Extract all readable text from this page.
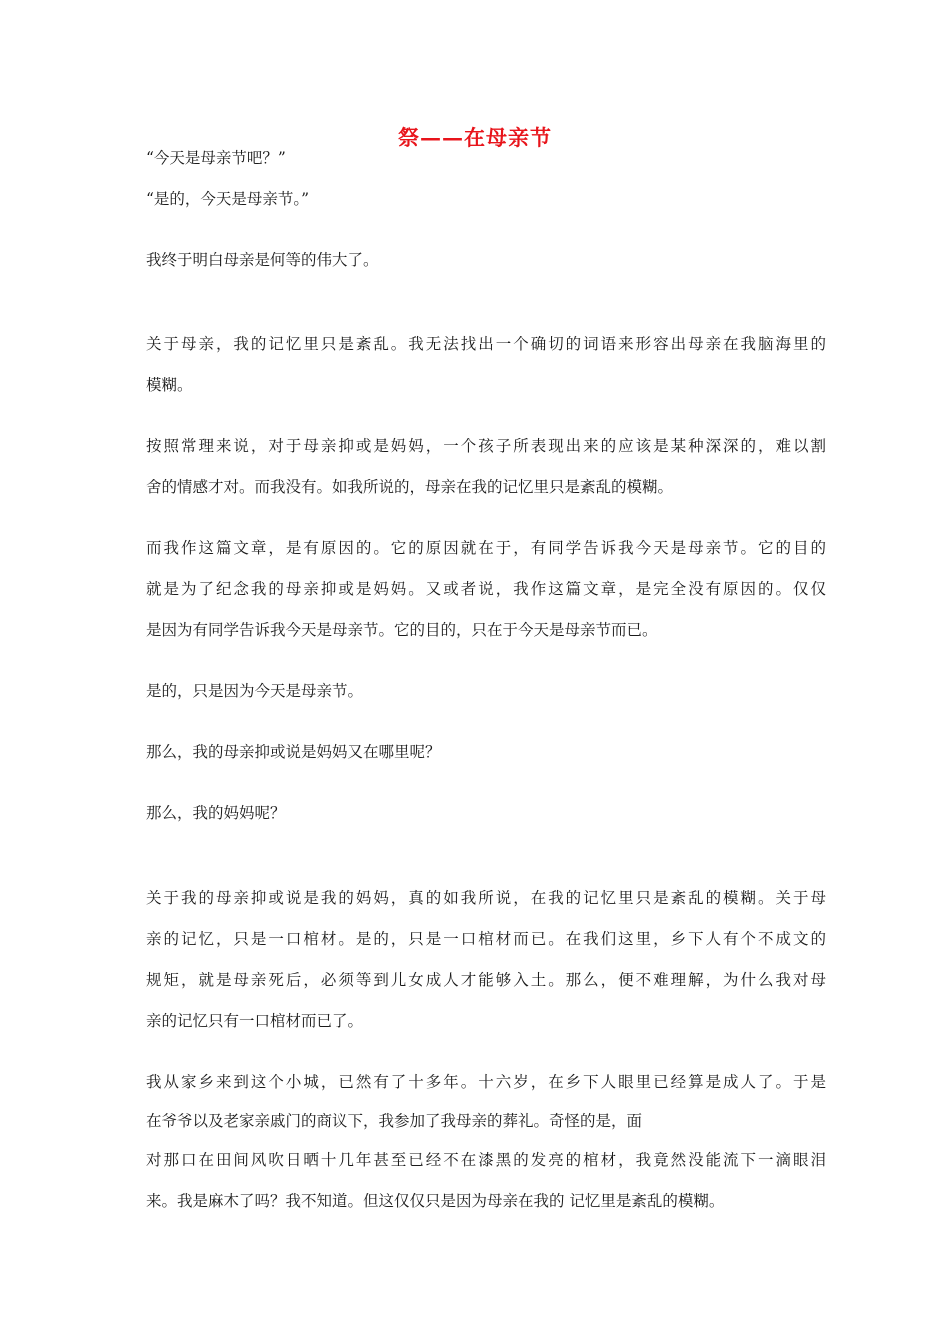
祭——在母亲节
“今天是母亲节吧？”
“是的，今天是母亲节。”
我终于明白母亲是何等的伟大了。
关于母亲，我的记忆里只是紊乱。我无法找出一个确切的词语来形容出母亲在我脑海里的
模糊。
按照常理来说，对于母亲抑或是妈妈，一个孩子所表现出来的应该是某种深深的，难以割
舍的情感才对。而我没有。如我所说的，母亲在我的记忆里只是紊乱的模糊。
而我作这篇文章，是有原因的。它的原因就在于，有同学告诉我今天是母亲节。它的目的
就是为了纪念我的母亲抑或是妈妈。又或者说，我作这篇文章，是完全没有原因的。仅仅
是因为有同学告诉我今天是母亲节。它的目的，只在于今天是母亲节而已。
是的，只是因为今天是母亲节。
那么，我的母亲抑或说是妈妈又在哪里呢？
那么，我的妈妈呢？
关于我的母亲抑或说是我的妈妈，真的如我所说，在我的记忆里只是紊乱的模糊。关于母
亲的记忆，只是一口棺材。是的，只是一口棺材而已。在我们这里，乡下人有个不成文的
规矩，就是母亲死后，必须等到儿女成人才能够入土。那么，便不难理解，为什么我对母
亲的记忆只有一口棺材而已了。
我从家乡来到这个小城，已然有了十多年。十六岁，在乡下人眼里已经算是成人了。于是
在爷爷以及老家亲戚门的商议下，我参加了我母亲的葬礼。奇怪的是，面
对那口在田间风吹日晒十几年甚至已经不在漆黑的发亮的棺材，我竟然没能流下一滴眼泪
来。我是麻木了吗？我不知道。但这仅仅只是因为母亲在我的 记忆里是紊乱的模糊。
